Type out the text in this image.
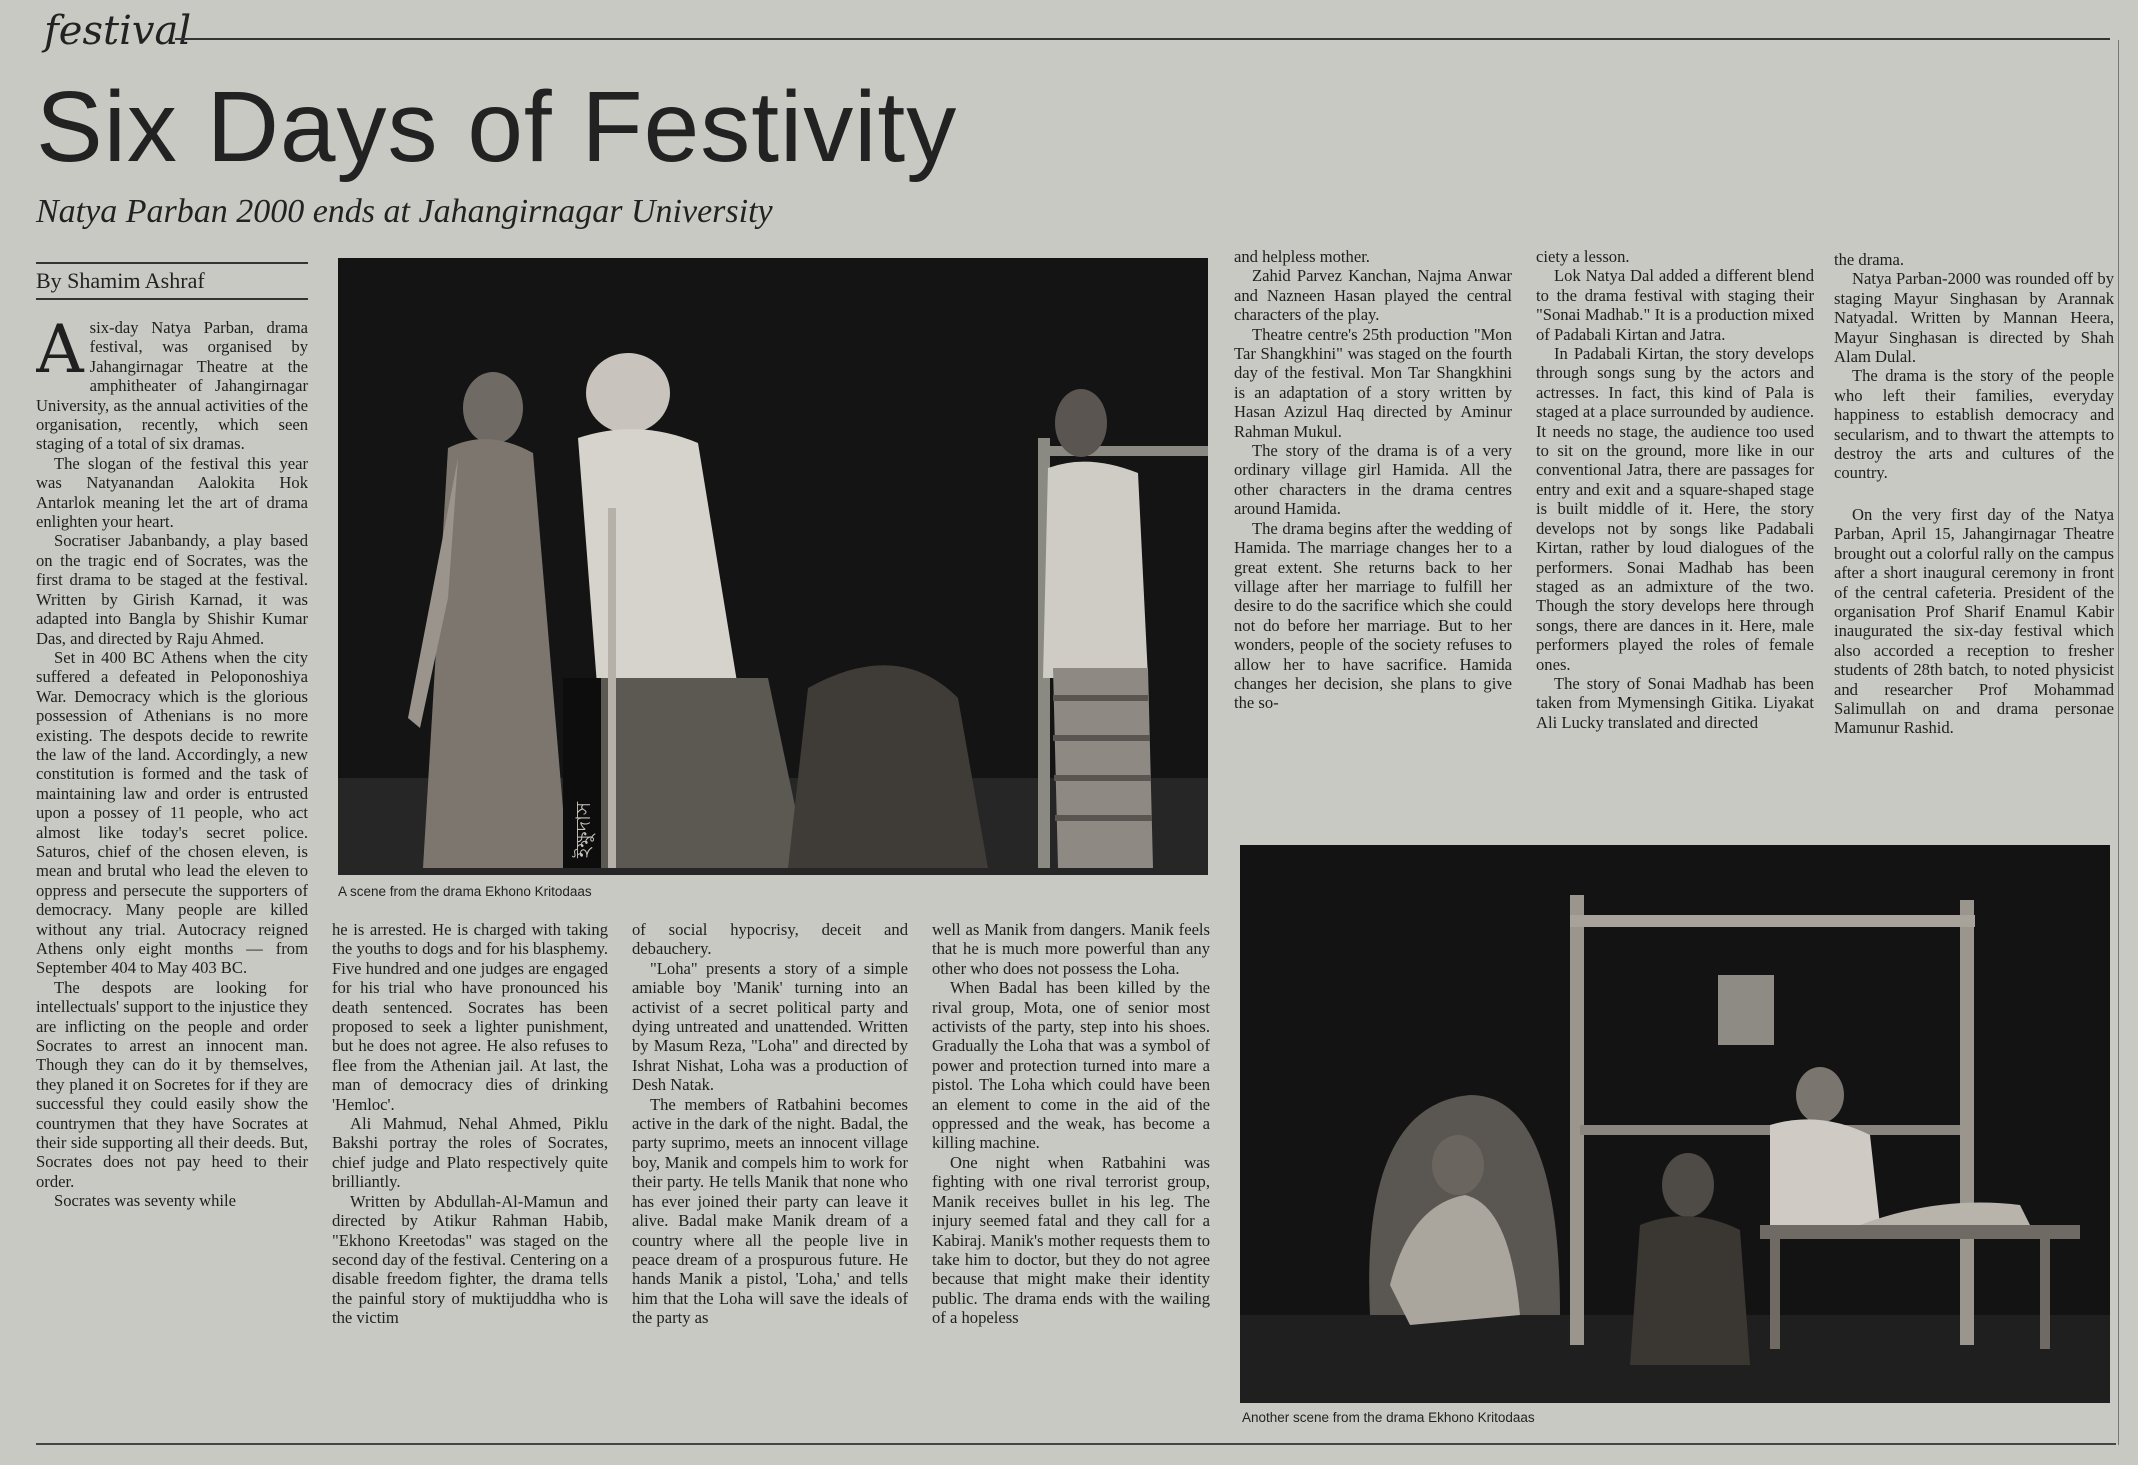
festival
Six Days of Festivity
Natya Parban 2000 ends at Jahangirnagar University
By Shamim Ashraf
A six-day Natya Parban, drama festival, was organised by Jahangirnagar Theatre at the amphitheater of Jahangirnagar University, as the annual activities of the organisation, recently, which seen staging of a total of six dramas.

The slogan of the festival this year was Natyanandan Aalokita Hok Antarlok meaning let the art of drama enlighten your heart.

Socratiser Jabanbandy, a play based on the tragic end of Socrates, was the first drama to be staged at the festival. Written by Girish Karnad, it was adapted into Bangla by Shishir Kumar Das, and directed by Raju Ahmed.

Set in 400 BC Athens when the city suffered a defeated in Peloponoshiya War. Democracy which is the glorious possession of Athenians is no more existing. The despots decide to rewrite the law of the land. Accordingly, a new constitution is formed and the task of maintaining law and order is entrusted upon a possey of 11 people, who act almost like today's secret police. Saturos, chief of the chosen eleven, is mean and brutal who lead the eleven to oppress and persecute the supporters of democracy. Many people are killed without any trial. Autocracy reigned Athens only eight months — from September 404 to May 403 BC.

The despots are looking for intellectuals' support to the injustice they are inflicting on the people and order Socrates to arrest an innocent man. Though they can do it by themselves, they planed it on Socretes for if they are successful they could easily show the countrymen that they have Socrates at their side supporting all their deeds. But, Socrates does not pay heed to their order.

Socrates was seventy while

ইক্ষুদাস
A scene from the drama Ekhono Kritodaas

he is arrested. He is charged with taking the youths to dogs and for his blasphemy. Five hundred and one judges are engaged for his trial who have pronounced his death sentenced. Socrates has been proposed to seek a lighter punishment, but he does not agree. He also refuses to flee from the Athenian jail. At last, the man of democracy dies of drinking 'Hemloc'.

Ali Mahmud, Nehal Ahmed, Piklu Bakshi portray the roles of Socrates, chief judge and Plato respectively quite brilliantly.

Written by Abdullah-Al-Mamun and directed by Atikur Rahman Habib, "Ekhono Kreetodas" was staged on the second day of the festival. Centering on a disable freedom fighter, the drama tells the painful story of muktijuddha who is the victim

of social hypocrisy, deceit and debauchery.

"Loha" presents a story of a simple amiable boy 'Manik' turning into an activist of a secret political party and dying untreated and unattended. Written by Masum Reza, "Loha" and directed by Ishrat Nishat, Loha was a production of Desh Natak.

The members of Ratbahini becomes active in the dark of the night. Badal, the party suprimo, meets an innocent village boy, Manik and compels him to work for their party. He tells Manik that none who has ever joined their party can leave it alive. Badal make Manik dream of a country where all the people live in peace dream of a prospurous future. He hands Manik a pistol, 'Loha,' and tells him that the Loha will save the ideals of the party as

well as Manik from dangers. Manik feels that he is much more powerful than any other who does not possess the Loha.

When Badal has been killed by the rival group, Mota, one of senior most activists of the party, step into his shoes. Gradually the Loha that was a symbol of power and protection turned into mare a pistol. The Loha which could have been an element to come in the aid of the oppressed and the weak, has become a killing machine.

One night when Ratbahini was fighting with one rival terrorist group, Manik receives bullet in his leg. The injury seemed fatal and they call for a Kabiraj. Manik's mother requests them to take him to doctor, but they do not agree because that might make their identity public. The drama ends with the wailing of a hopeless

and helpless mother.

Zahid Parvez Kanchan, Najma Anwar and Nazneen Hasan played the central characters of the play.

Theatre centre's 25th production "Mon Tar Shangkhini" was staged on the fourth day of the festival. Mon Tar Shangkhini is an adaptation of a story written by Hasan Azizul Haq directed by Aminur Rahman Mukul.

The story of the drama is of a very ordinary village girl Hamida. All the other characters in the drama centres around Hamida.

The drama begins after the wedding of Hamida. The marriage changes her to a great extent. She returns back to her village after her marriage to fulfill her desire to do the sacrifice which she could not do before her marriage. But to her wonders, people of the society refuses to allow her to have sacrifice. Hamida changes her decision, she plans to give the so-

ciety a lesson.

Lok Natya Dal added a different blend to the drama festival with staging their "Sonai Madhab." It is a production mixed of Padabali Kirtan and Jatra.

In Padabali Kirtan, the story develops through songs sung by the actors and actresses. In fact, this kind of Pala is staged at a place surrounded by audience. It needs no stage, the audience too used to sit on the ground, more like in our conventional Jatra, there are passages for entry and exit and a square-shaped stage is built middle of it. Here, the story develops not by songs like Padabali Kirtan, rather by loud dialogues of the performers. Sonai Madhab has been staged as an admixture of the two. Though the story develops here through songs, there are dances in it. Here, male performers played the roles of female ones.

The story of Sonai Madhab has been taken from Mymensingh Gitika. Liyakat Ali Lucky translated and directed

the drama.

Natya Parban-2000 was rounded off by staging Mayur Singhasan by Arannak Natyadal. Written by Mannan Heera, Mayur Singhasan is directed by Shah Alam Dulal.

The drama is the story of the people who left their families, everyday happiness to establish democracy and secularism, and to thwart the attempts to destroy the arts and cultures of the country.

On the very first day of the Natya Parban, April 15, Jahangirnagar Theatre brought out a colorful rally on the campus after a short inaugural ceremony in front of the central cafeteria. President of the organisation Prof Sharif Enamul Kabir inaugurated the six-day festival which also accorded a reception to fresher students of 28th batch, to noted physicist and researcher Prof Mohammad Salimullah on and drama personae Mamunur Rashid.

Another scene from the drama Ekhono Kritodaas
